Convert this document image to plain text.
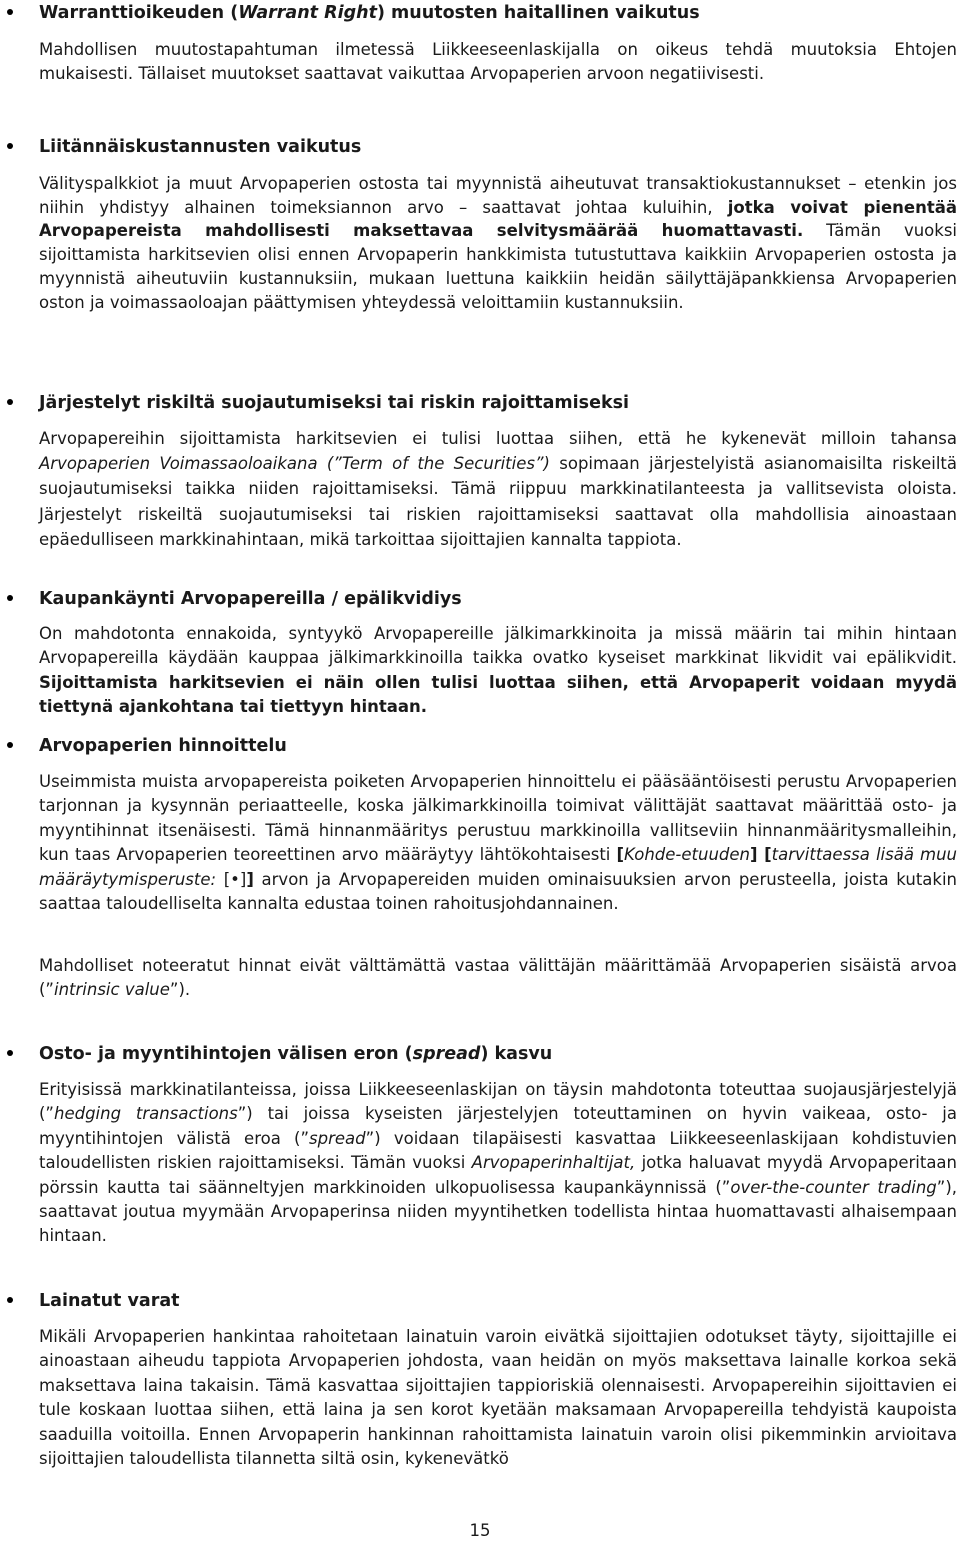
Warranttioikeuden (Warrant Right) muutosten haitallinen vaikutus
Mahdollisen muutostapahtuman ilmetessä Liikkeeseenlaskijalla on oikeus tehdä muutoksia Ehtojen mukaisesti. Tällaiset muutokset saattavat vaikuttaa Arvopaperien arvoon negatiivisesti.
Liitännäiskustannusten vaikutus
Välityspalkkiot ja muut Arvopaperien ostosta tai myynnistä aiheutuvat transaktiokustannukset – etenkin jos niihin yhdistyy alhainen toimeksiannon arvo – saattavat johtaa kuluihin, jotka voivat pienentää Arvopapereista mahdollisesti maksettavaa selvitysmäärää huomattavasti. Tämän vuoksi sijoittamista harkitsevien olisi ennen Arvopaperin hankkimista tutustuttava kaikkiin Arvopaperien ostosta ja myynnistä aiheutuviin kustannuksiin, mukaan luettuna kaikkiin heidän säilyttäjäpankkiensa Arvopaperien oston ja voimassaoloajan päättymisen yhteydessä veloittamiin kustannuksiin.
Järjestelyt riskiltä suojautumiseksi tai riskin rajoittamiseksi
Arvopapereihin sijoittamista harkitsevien ei tulisi luottaa siihen, että he kykenevät milloin tahansa Arvopaperien Voimassaoloaikana (”Term of the Securities”) sopimaan järjestelyistä asianomaisilta riskeiltä suojautumiseksi taikka niiden rajoittamiseksi. Tämä riippuu markkinatilanteesta ja vallitsevista oloista. Järjestelyt riskeiltä suojautumiseksi tai riskien rajoittamiseksi saattavat olla mahdollisia ainoastaan epäedulliseen markkinahintaan, mikä tarkoittaa sijoittajien kannalta tappiota.
Kaupankäynti Arvopapereilla / epälikvidiys
On mahdotonta ennakoida, syntyykö Arvopapereille jälkimarkkinoita ja missä määrin tai mihin hintaan Arvopapereilla käydään kauppaa jälkimarkkinoilla taikka ovatko kyseiset markkinat likvidit vai epälikvidit. Sijoittamista harkitsevien ei näin ollen tulisi luottaa siihen, että Arvopaperit voidaan myydä tiettynä ajankohtana tai tiettyyn hintaan.
Arvopaperien hinnoittelu
Useimmista muista arvopapereista poiketen Arvopaperien hinnoittelu ei pääsääntöisesti perustu Arvopaperien tarjonnan ja kysynnän periaatteelle, koska jälkimarkkinoilla toimivat välittäjät saattavat määrittää osto- ja myyntihinnat itsenäisesti. Tämä hinnanmääritys perustuu markkinoilla vallitseviin hinnanmääritysmalleihin, kun taas Arvopaperien teoreettinen arvo määräytyy lähtökohtaisesti [Kohde-etuuden] [tarvittaessa lisää muu määräytymisperuste: [•]] arvon ja Arvopapereiden muiden ominaisuuksien arvon perusteella, joista kutakin saattaa taloudelliselta kannalta edustaa toinen rahoitusjohdannainen.
Mahdolliset noteeratut hinnat eivät välttämättä vastaa välittäjän määrittämää Arvopaperien sisäistä arvoa (”intrinsic value”).
Osto- ja myyntihintojen välisen eron (spread) kasvu
Erityisissä markkinatilanteissa, joissa Liikkeeseenlaskijan on täysin mahdotonta toteuttaa suojausjärjestelyjä (”hedging transactions”) tai joissa kyseisten järjestelyjen toteuttaminen on hyvin vaikeaa, osto- ja myyntihintojen välistä eroa (”spread”) voidaan tilapäisesti kasvattaa Liikkeeseenlaskijaan kohdistuvien taloudellisten riskien rajoittamiseksi. Tämän vuoksi Arvopaperinhaltijat, jotka haluavat myydä Arvopaperitaan pörssin kautta tai säänneltyjen markkinoiden ulkopuolisessa kaupankäynnissä (”over-the-counter trading”), saattavat joutua myymään Arvopaperinsa niiden myyntihetken todellista hintaa huomattavasti alhaisempaan hintaan.
Lainatut varat
Mikäli Arvopaperien hankintaa rahoitetaan lainatuin varoin eivätkä sijoittajien odotukset täyty, sijoittajille ei ainoastaan aiheudu tappiota Arvopaperien johdosta, vaan heidän on myös maksettava lainalle korkoa sekä maksettava laina takaisin. Tämä kasvattaa sijoittajien tappioriskiä olennaisesti. Arvopapereihin sijoittavien ei tule koskaan luottaa siihen, että laina ja sen korot kyetään maksamaan Arvopapereilla tehdyistä kaupoista saaduilla voitoilla. Ennen Arvopaperin hankinnan rahoittamista lainatuin varoin olisi pikemminkin arvioitava sijoittajien taloudellista tilannetta siltä osin, kykenevätkö
15
